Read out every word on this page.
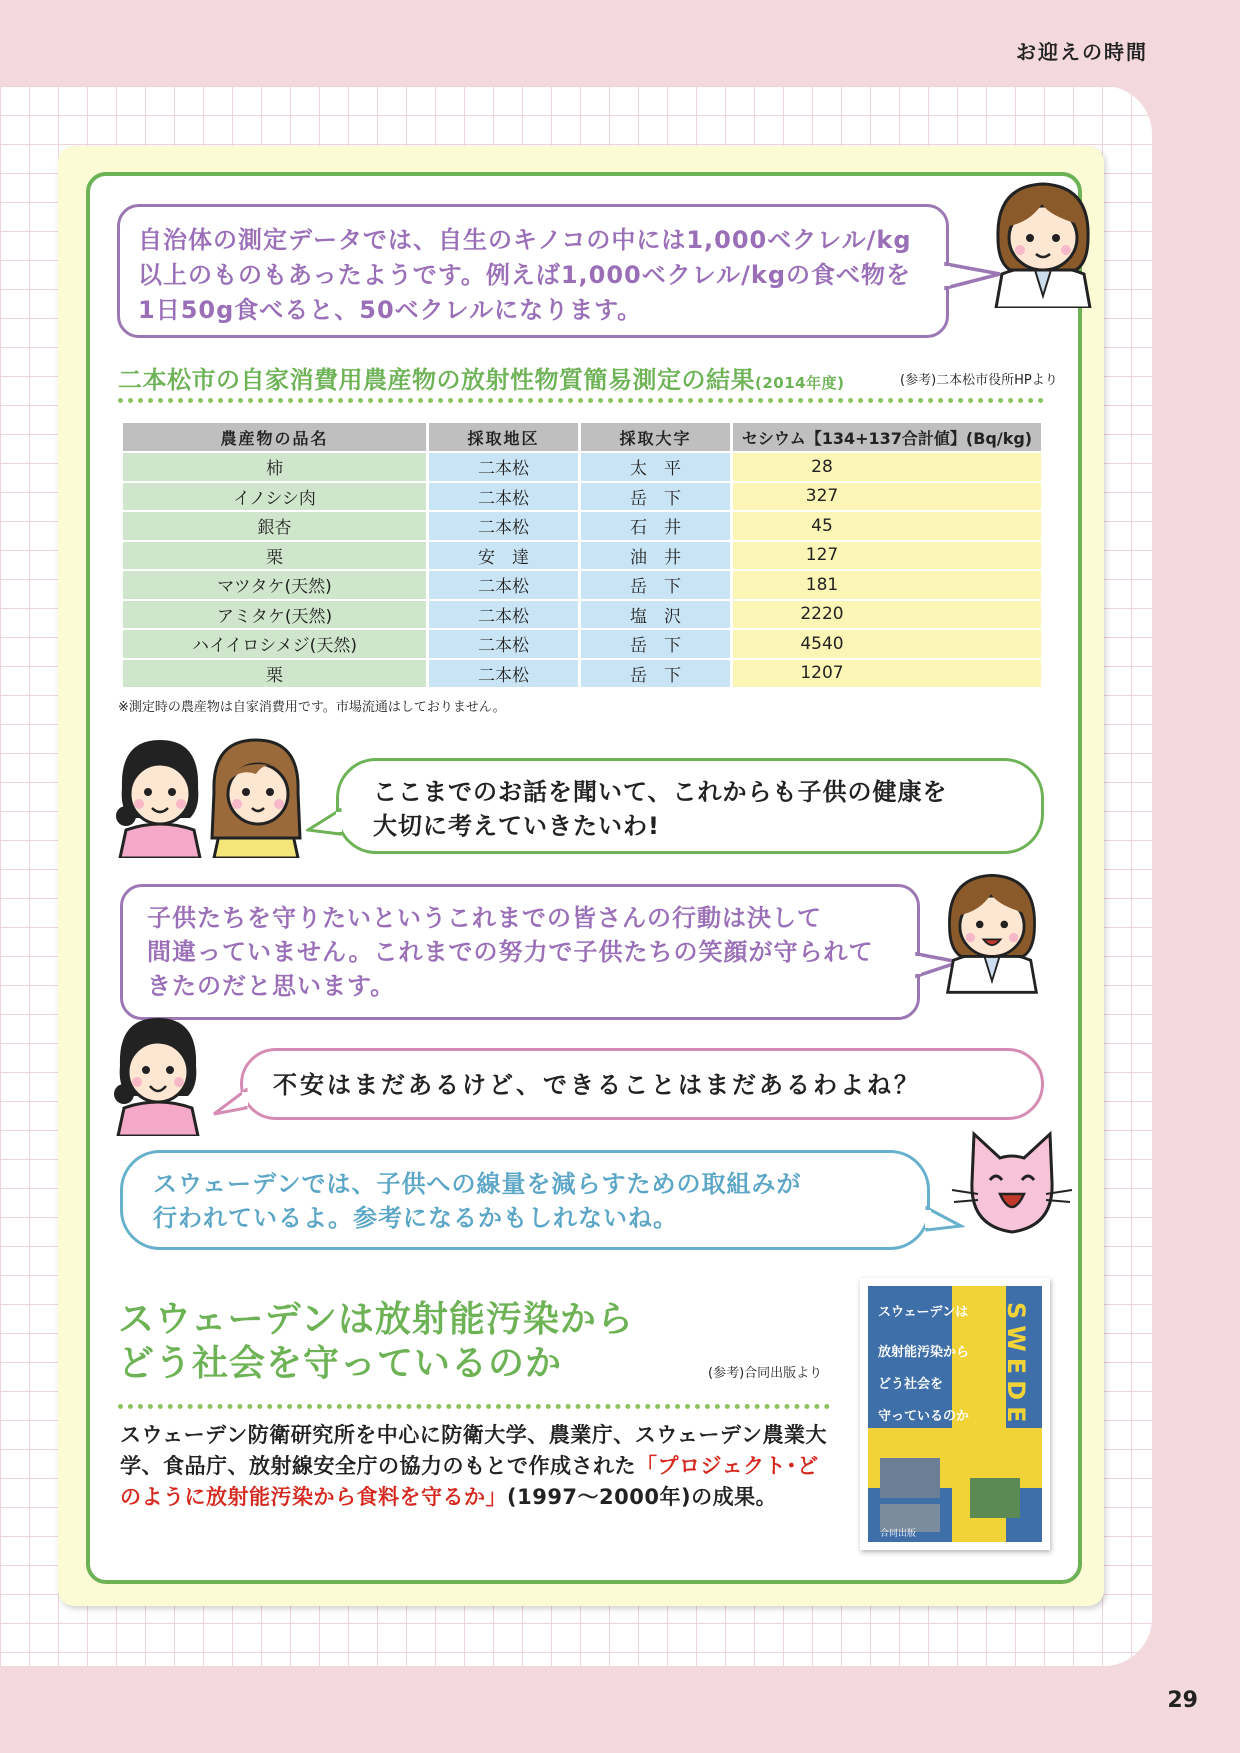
お迎えの時間

自治体の測定データでは、自生のキノコの中には1,000ベクレル/kg

以上のものもあったようです。例えば1,000ベクレル/kgの食べ物を

1日50g食べると、50ベクレルになります。

二本松市の自家消費用農産物の放射性物質簡易測定の結果(2014年度)	(参考)二本松市役所HPより
農産物の品名	採取地区	採取大字	セシウム【134+137合計値】(Bq/kg)
柿	二本松	太　平	28
イノシシ肉	二本松	岳　下	327
銀杏	二本松	石　井	45
栗	安　達	油　井	127
マツタケ(天然)	二本松	岳　下	181
アミタケ(天然)	二本松	塩　沢	2220
ハイイロシメジ(天然)	二本松	岳　下	4540
栗	二本松	岳　下	1207
※測定時の農産物は自家消費用です。市場流通はしておりません。

ここまでのお話を聞いて、これからも子供の健康を

大切に考えていきたいわ!

子供たちを守りたいというこれまでの皆さんの行動は決して

間違っていません。これまでの努力で子供たちの笑顔が守られて

きたのだと思います。

不安はまだあるけど、できることはまだあるわよね？

スウェーデンでは、子供への線量を減らすための取組みが

行われているよ。参考になるかもしれないね。

スウェーデンは放射能汚染から
どう社会を守っているのか	(参考)合同出版より
スウェーデン防衛研究所を中心に防衛大学、農業庁、スウェーデン農業大学、食品庁、放射線安全庁の協力のもとで作成された「プロジェクト･どのように放射能汚染から食料を守るか」(1997〜2000年)の成果。
スウェーデンは
放射能汚染から
どう社会を
守っているのか SWEDEN
合同出版
29
